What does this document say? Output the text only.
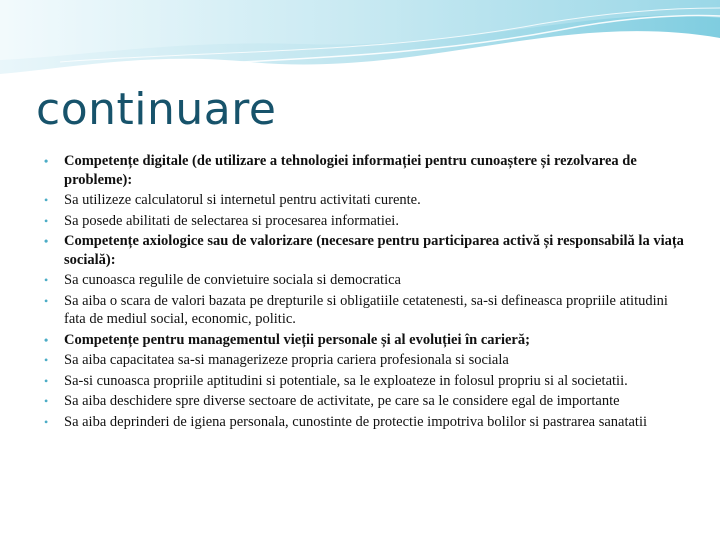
continuare
• Competențe digitale (de utilizare a tehnologiei informației pentru cunoaștere și rezolvarea de probleme):
• Sa utilizeze calculatorul si internetul pentru activitati curente.
• Sa posede abilitati de selectarea si procesarea informatiei.
• Competențe axiologice sau de valorizare (necesare pentru participarea activă și responsabilă la viața socială):
• Sa cunoasca regulile de convietuire sociala si democratica
• Sa aiba o scara de valori bazata pe drepturile si obligatiile cetatenesti, sa-si defineasca propriile atitudini fata de mediul social, economic, politic.
• Competențe pentru managementul vieții personale și al evoluției în carieră;
• Sa aiba capacitatea sa-si managerizeze propria cariera profesionala si sociala
• Sa-si cunoasca propriile aptitudini si potentiale, sa le exploateze in folosul propriu si al societatii.
• Sa aiba deschidere spre diverse sectoare de activitate, pe care sa le considere egal de importante
• Sa aiba deprinderi de igiena personala, cunostinte de protectie impotriva bolilor si pastrarea sanatatii
